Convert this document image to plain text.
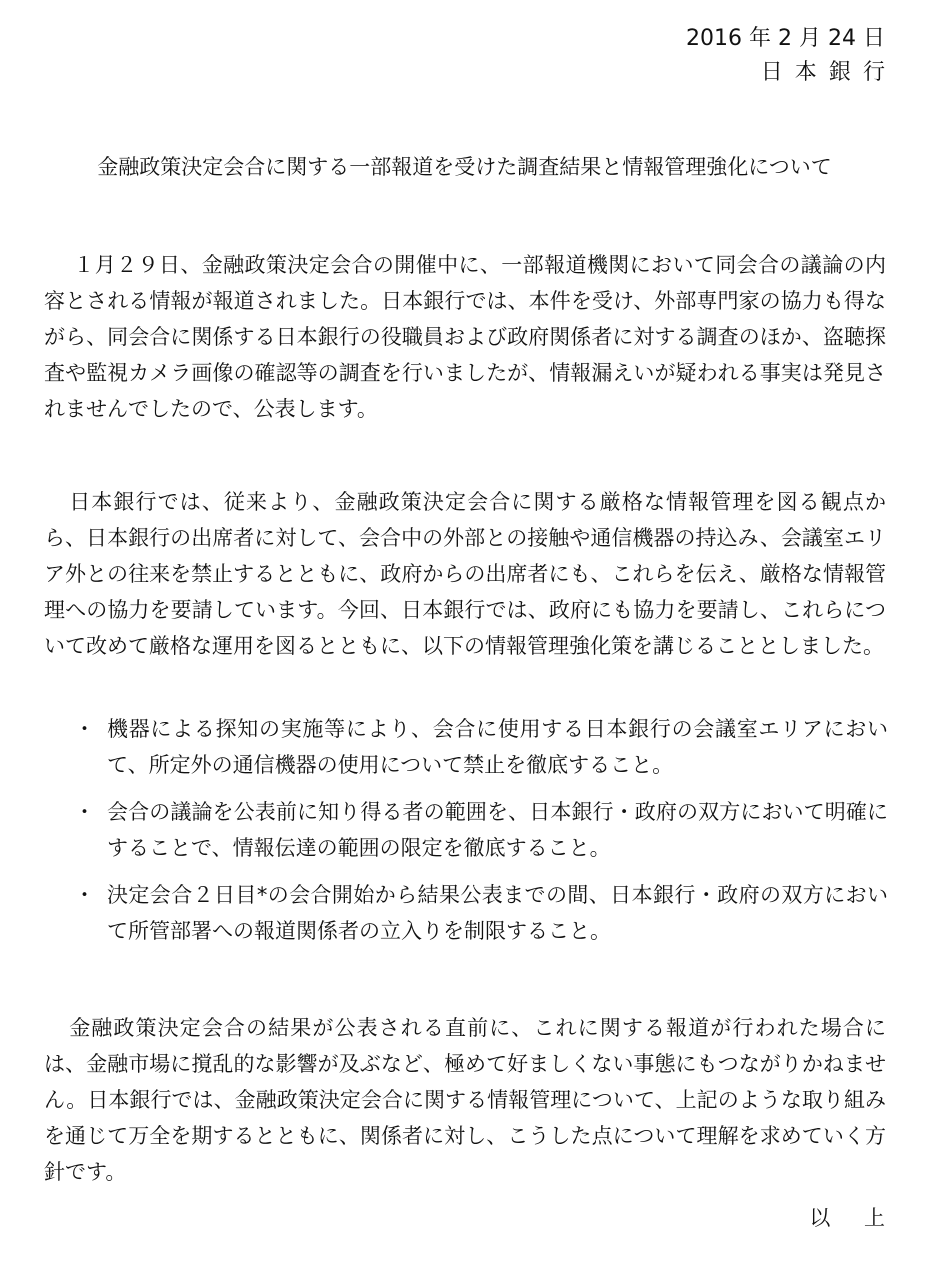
2016 年 2 月 24 日
日本銀行
金融政策決定会合に関する一部報道を受けた調査結果と情報管理強化について

１月２９日、金融政策決定会合の開催中に、一部報道機関において同会合の議論の内容とされる情報が報道されました。日本銀行では、本件を受け、外部専門家の協力も得ながら、同会合に関係する日本銀行の役職員および政府関係者に対する調査のほか、盗聴探査や監視カメラ画像の確認等の調査を行いましたが、情報漏えいが疑われる事実は発見されませんでしたので、公表します。

日本銀行では、従来より、金融政策決定会合に関する厳格な情報管理を図る観点から、日本銀行の出席者に対して、会合中の外部との接触や通信機器の持込み、会議室エリア外との往来を禁止するとともに、政府からの出席者にも、これらを伝え、厳格な情報管理への協力を要請しています。今回、日本銀行では、政府にも協力を要請し、これらについて改めて厳格な運用を図るとともに、以下の情報管理強化策を講じることとしました。

・ 機器による探知の実施等により、会合に使用する日本銀行の会議室エリアにおいて、所定外の通信機器の使用について禁止を徹底すること。
・ 会合の議論を公表前に知り得る者の範囲を、日本銀行・政府の双方において明確にすることで、情報伝達の範囲の限定を徹底すること。
・ 決定会合２日目*の会合開始から結果公表までの間、日本銀行・政府の双方において所管部署への報道関係者の立入りを制限すること。

金融政策決定会合の結果が公表される直前に、これに関する報道が行われた場合には、金融市場に撹乱的な影響が及ぶなど、極めて好ましくない事態にもつながりかねません。日本銀行では、金融政策決定会合に関する情報管理について、上記のような取り組みを通じて万全を期するとともに、関係者に対し、こうした点について理解を求めていく方針です。

以上
